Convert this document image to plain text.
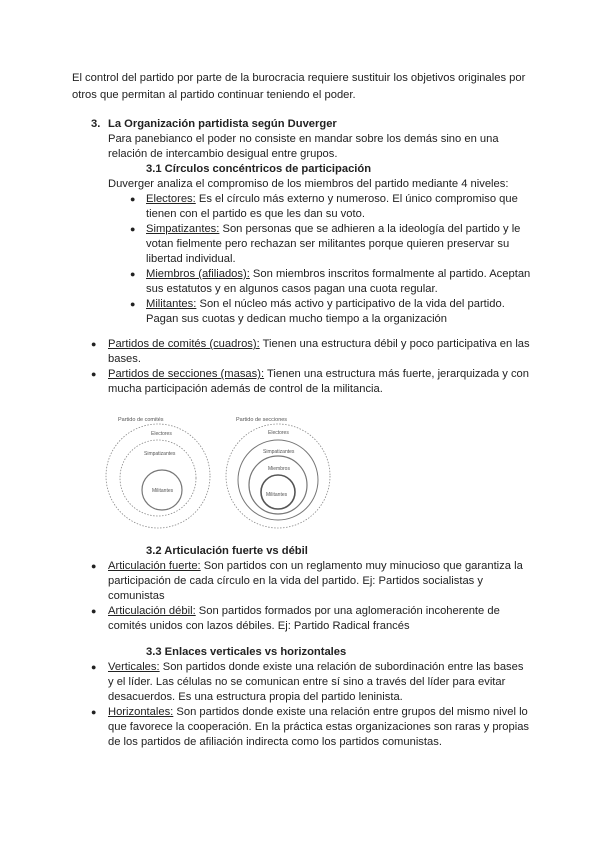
El control del partido por parte de la burocracia requiere sustituir los objetivos originales por
otros que permitan al partido continuar teniendo el poder.
3. La Organización partidista según Duverger
Para panebianco el poder no consiste en mandar sobre los demás sino en una
relación de intercambio desigual entre grupos.
3.1 Círculos concéntricos de participación
Duverger analiza el compromiso de los miembros del partido mediante 4 niveles:
● Electores: Es el círculo más externo y numeroso. El único compromiso que
tienen con el partido es que les dan su voto.
● Simpatizantes: Son personas que se adhieren a la ideología del partido y le
votan fielmente pero rechazan ser militantes porque quieren preservar su
libertad individual.
● Miembros (afiliados): Son miembros inscritos formalmente al partido. Aceptan
sus estatutos y en algunos casos pagan una cuota regular.
● Militantes: Son el núcleo más activo y participativo de la vida del partido.
Pagan sus cuotas y dedican mucho tiempo a la organización
● Partidos de comités (cuadros): Tienen una estructura débil y poco participativa en las
bases.
● Partidos de secciones (masas): Tienen una estructura más fuerte, jerarquizada y con
mucha participación además de control de la militancia.
Partido de comités
Electores
Simpatizantes
Militantes
Partido de secciones
Electores
Simpatizantes
Miembros
Militantes
3.2 Articulación fuerte vs débil
● Articulación fuerte: Son partidos con un reglamento muy minucioso que garantiza la
participación de cada círculo en la vida del partido. Ej: Partidos socialistas y
comunistas
● Articulación débil: Son partidos formados por una aglomeración incoherente de
comités unidos con lazos débiles. Ej: Partido Radical francés
3.3 Enlaces verticales vs horizontales
● Verticales: Son partidos donde existe una relación de subordinación entre las bases
y el líder. Las células no se comunican entre sí sino a través del líder para evitar
desacuerdos. Es una estructura propia del partido leninista.
● Horizontales: Son partidos donde existe una relación entre grupos del mismo nivel lo
que favorece la cooperación. En la práctica estas organizaciones son raras y propias
de los partidos de afiliación indirecta como los partidos comunistas.
